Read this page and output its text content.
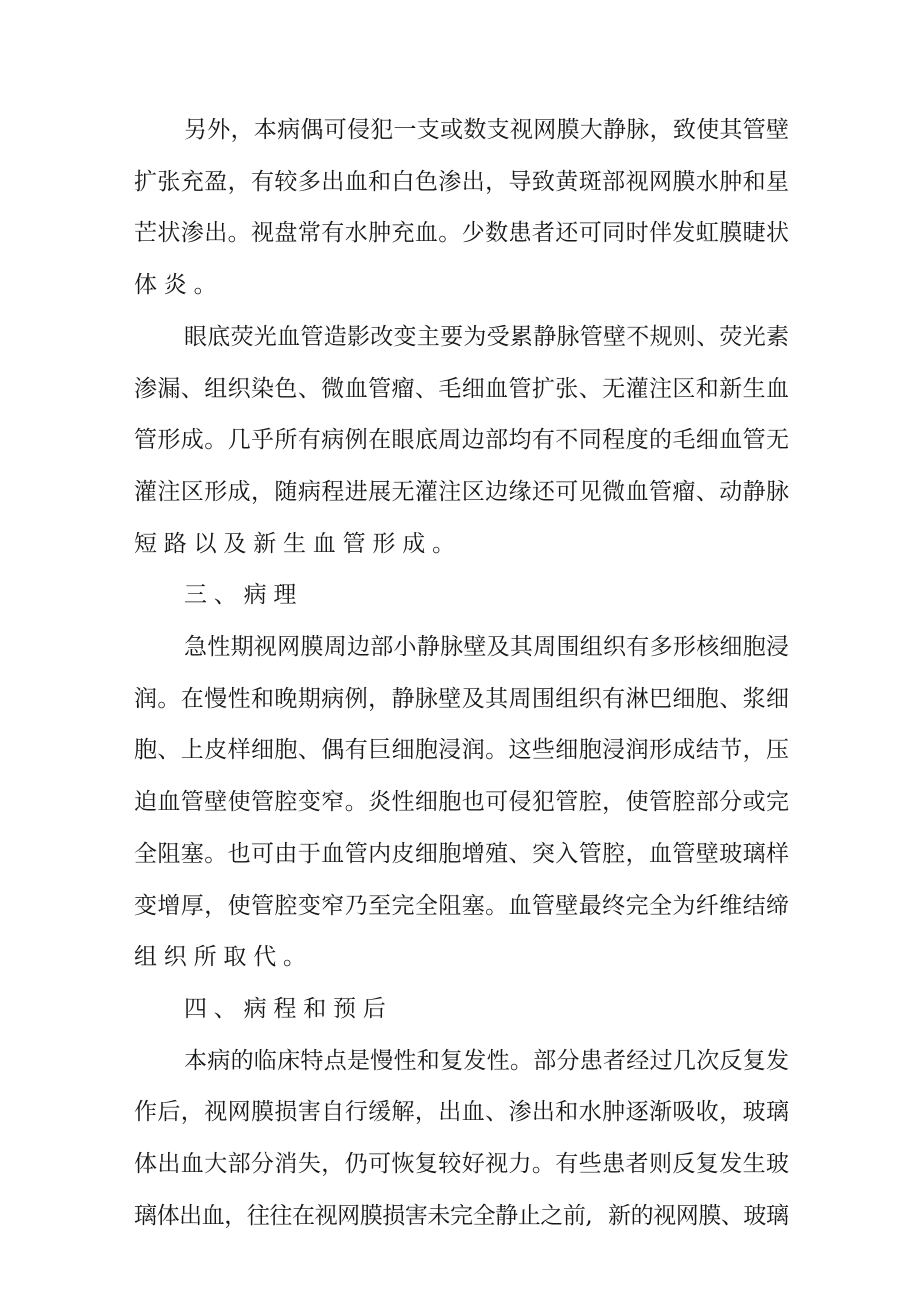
另 外 ， 本 病 偶 可 侵 犯 一 支 或 数 支 视 网 膜 大 静 脉 ， 致 使 其 管 壁
扩 张 充 盈 ， 有 较 多 出 血 和 白 色 渗 出 ， 导 致 黄 斑 部 视 网 膜 水 肿 和 星
芒 状 渗 出 。 视 盘 常 有 水 肿 充 血 。 少 数 患 者 还 可 同 时 伴 发 虹 膜 睫 状
体 炎 。
眼 底 荧 光 血 管 造 影 改 变 主 要 为 受 累 静 脉 管 壁 不 规 则 、 荧 光 素
渗 漏 、 组 织 染 色 、 微 血 管 瘤 、 毛 细 血 管 扩 张 、 无 灌 注 区 和 新 生 血
管 形 成 。 几 乎 所 有 病 例 在 眼 底 周 边 部 均 有 不 同 程 度 的 毛 细 血 管 无
灌 注 区 形 成 ， 随 病 程 进 展 无 灌 注 区 边 缘 还 可 见 微 血 管 瘤 、 动 静 脉
短 路 以 及 新 生 血 管 形 成 。
三 、 病 理
急 性 期 视 网 膜 周 边 部 小 静 脉 壁 及 其 周 围 组 织 有 多 形 核 细 胞 浸
润 。 在 慢 性 和 晚 期 病 例 ， 静 脉 壁 及 其 周 围 组 织 有 淋 巴 细 胞 、 浆 细
胞 、 上 皮 样 细 胞 、 偶 有 巨 细 胞 浸 润 。 这 些 细 胞 浸 润 形 成 结 节 ， 压
迫 血 管 壁 使 管 腔 变 窄 。 炎 性 细 胞 也 可 侵 犯 管 腔 ， 使 管 腔 部 分 或 完
全 阻 塞 。 也 可 由 于 血 管 内 皮 细 胞 增 殖 、 突 入 管 腔 ， 血 管 壁 玻 璃 样
变 增 厚 ， 使 管 腔 变 窄 乃 至 完 全 阻 塞 。 血 管 壁 最 终 完 全 为 纤 维 结 缔
组 织 所 取 代 。
四 、 病 程 和 预 后
本 病 的 临 床 特 点 是 慢 性 和 复 发 性 。 部 分 患 者 经 过 几 次 反 复 发
作 后 ， 视 网 膜 损 害 自 行 缓 解 ， 出 血 、 渗 出 和 水 肿 逐 渐 吸 收 ， 玻 璃
体 出 血 大 部 分 消 失 ， 仍 可 恢 复 较 好 视 力 。 有 些 患 者 则 反 复 发 生 玻
璃 体 出 血 ， 往 往 在 视 网 膜 损 害 未 完 全 静 止 之 前 , 新 的 视 网 膜 、 玻 璃
